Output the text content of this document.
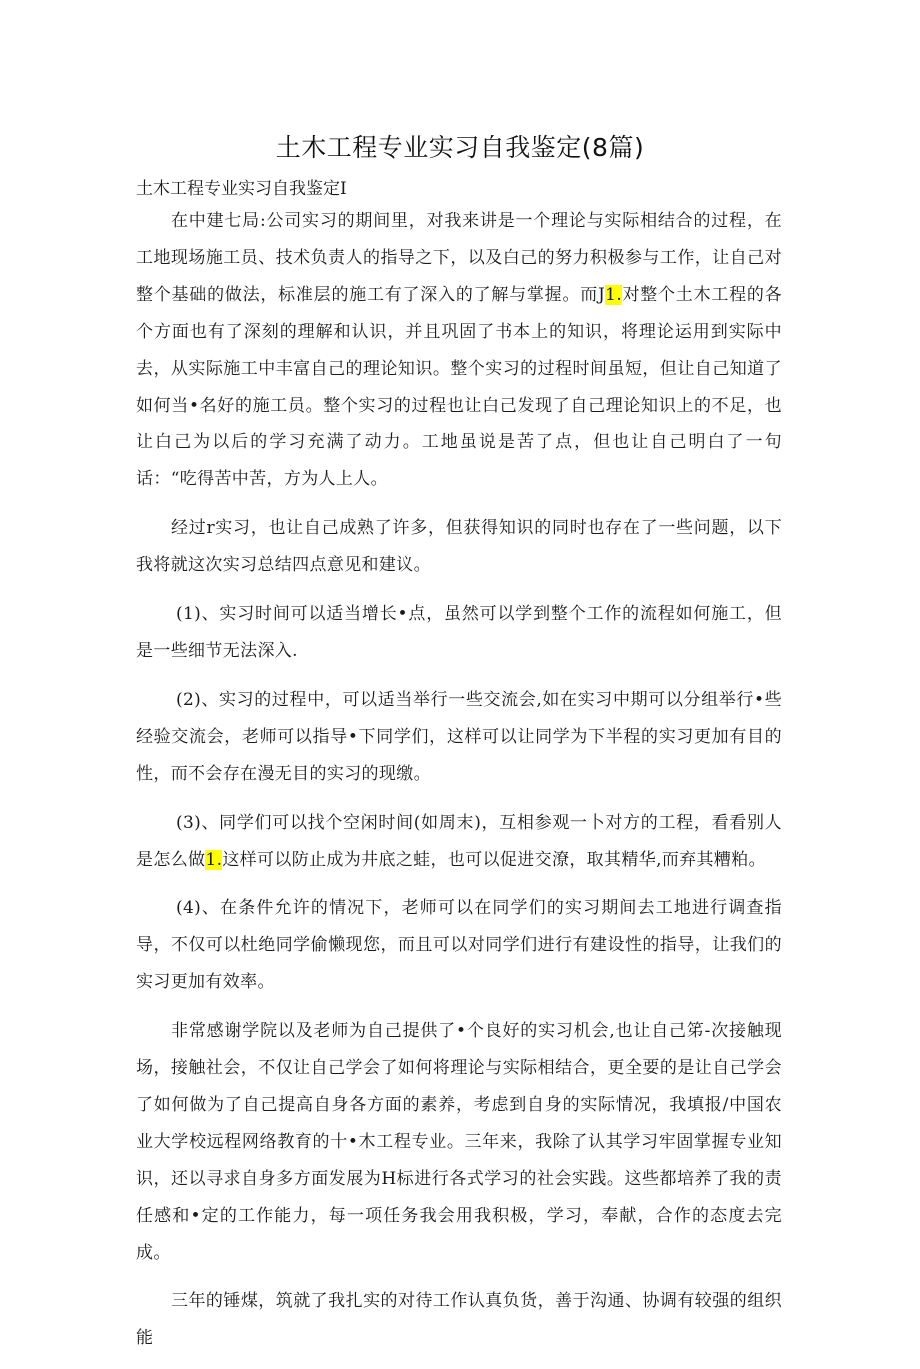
土木工程专业实习自我鉴定(8篇)
土木工程专业实习自我鉴定I

在中建七局:公司实习的期间里，对我来讲是一个理论与实际相结合的过程，在工地现场施工员、技术负责人的指导之下，以及白己的努力积极参与工作，让自己对整个基础的做法，标准层的施工有了深入的了解与掌握。而J1.对整个土木工程的各个方面也有了深刻的理解和认识，并且巩固了书本上的知识，将理论运用到实际中去，从实际施工中丰富自己的理论知识。整个实习的过程时间虽短，但让自己知道了如何当•名好的施工员。整个实习的过程也让白己发现了自己理论知识上的不足，也让白己为以后的学习充满了动力。工地虽说是苦了点，但也让自己明白了一句话：“吃得苦中苦，方为人上人。

经过r实习，也让自己成熟了许多，但获得知识的同时也存在了一些问题，以下我将就这次实习总结四点意见和建议。

(1)、实习时间可以适当增长•点，虽然可以学到整个工作的流程如何施工，但是一些细节无法深入.

(2)、实习的过程中，可以适当举行一些交流会,如在实习中期可以分组举行•些经验交流会，老师可以指导•下同学们，这样可以让同学为下半程的实习更加有目的性，而不会存在漫无目的实习的现缴。

(3)、同学们可以找个空闲时间(如周末)，互相参观一卜对方的工程，看看别人是怎么做1.这样可以防止成为井底之蛙，也可以促进交潦，取其精华,而弃其糟粕。

(4)、在条件允许的情况下，老师可以在同学们的实习期间去工地进行调查指导，不仅可以杜绝同学偷懒现您，而且可以对同学们进行有建设性的指导，让我们的实习更加有效率。

非常感谢学院以及老师为自己提供了•个良好的实习机会,也让自己笫-次接触现场，接触社会，不仅让自己学会了如何将理论与实际相结合，更全要的是让自己学会了如何做为了自己提高自身各方面的素养，考虑到自身的实际情况，我填报/中国农业大学校远程网络教育的十•木工程专业。三年来，我除了认其学习牢固掌握专业知识，还以寻求自身多方面发展为H标进行各式学习的社会实践。这些都培养了我的责任感和•定的工作能力，每一项任务我会用我积极，学习，奉献，合作的态度去完成。

三年的锤煤，筑就了我扎实的对待工作认真负货，善于沟通、协调有较强的组织能
